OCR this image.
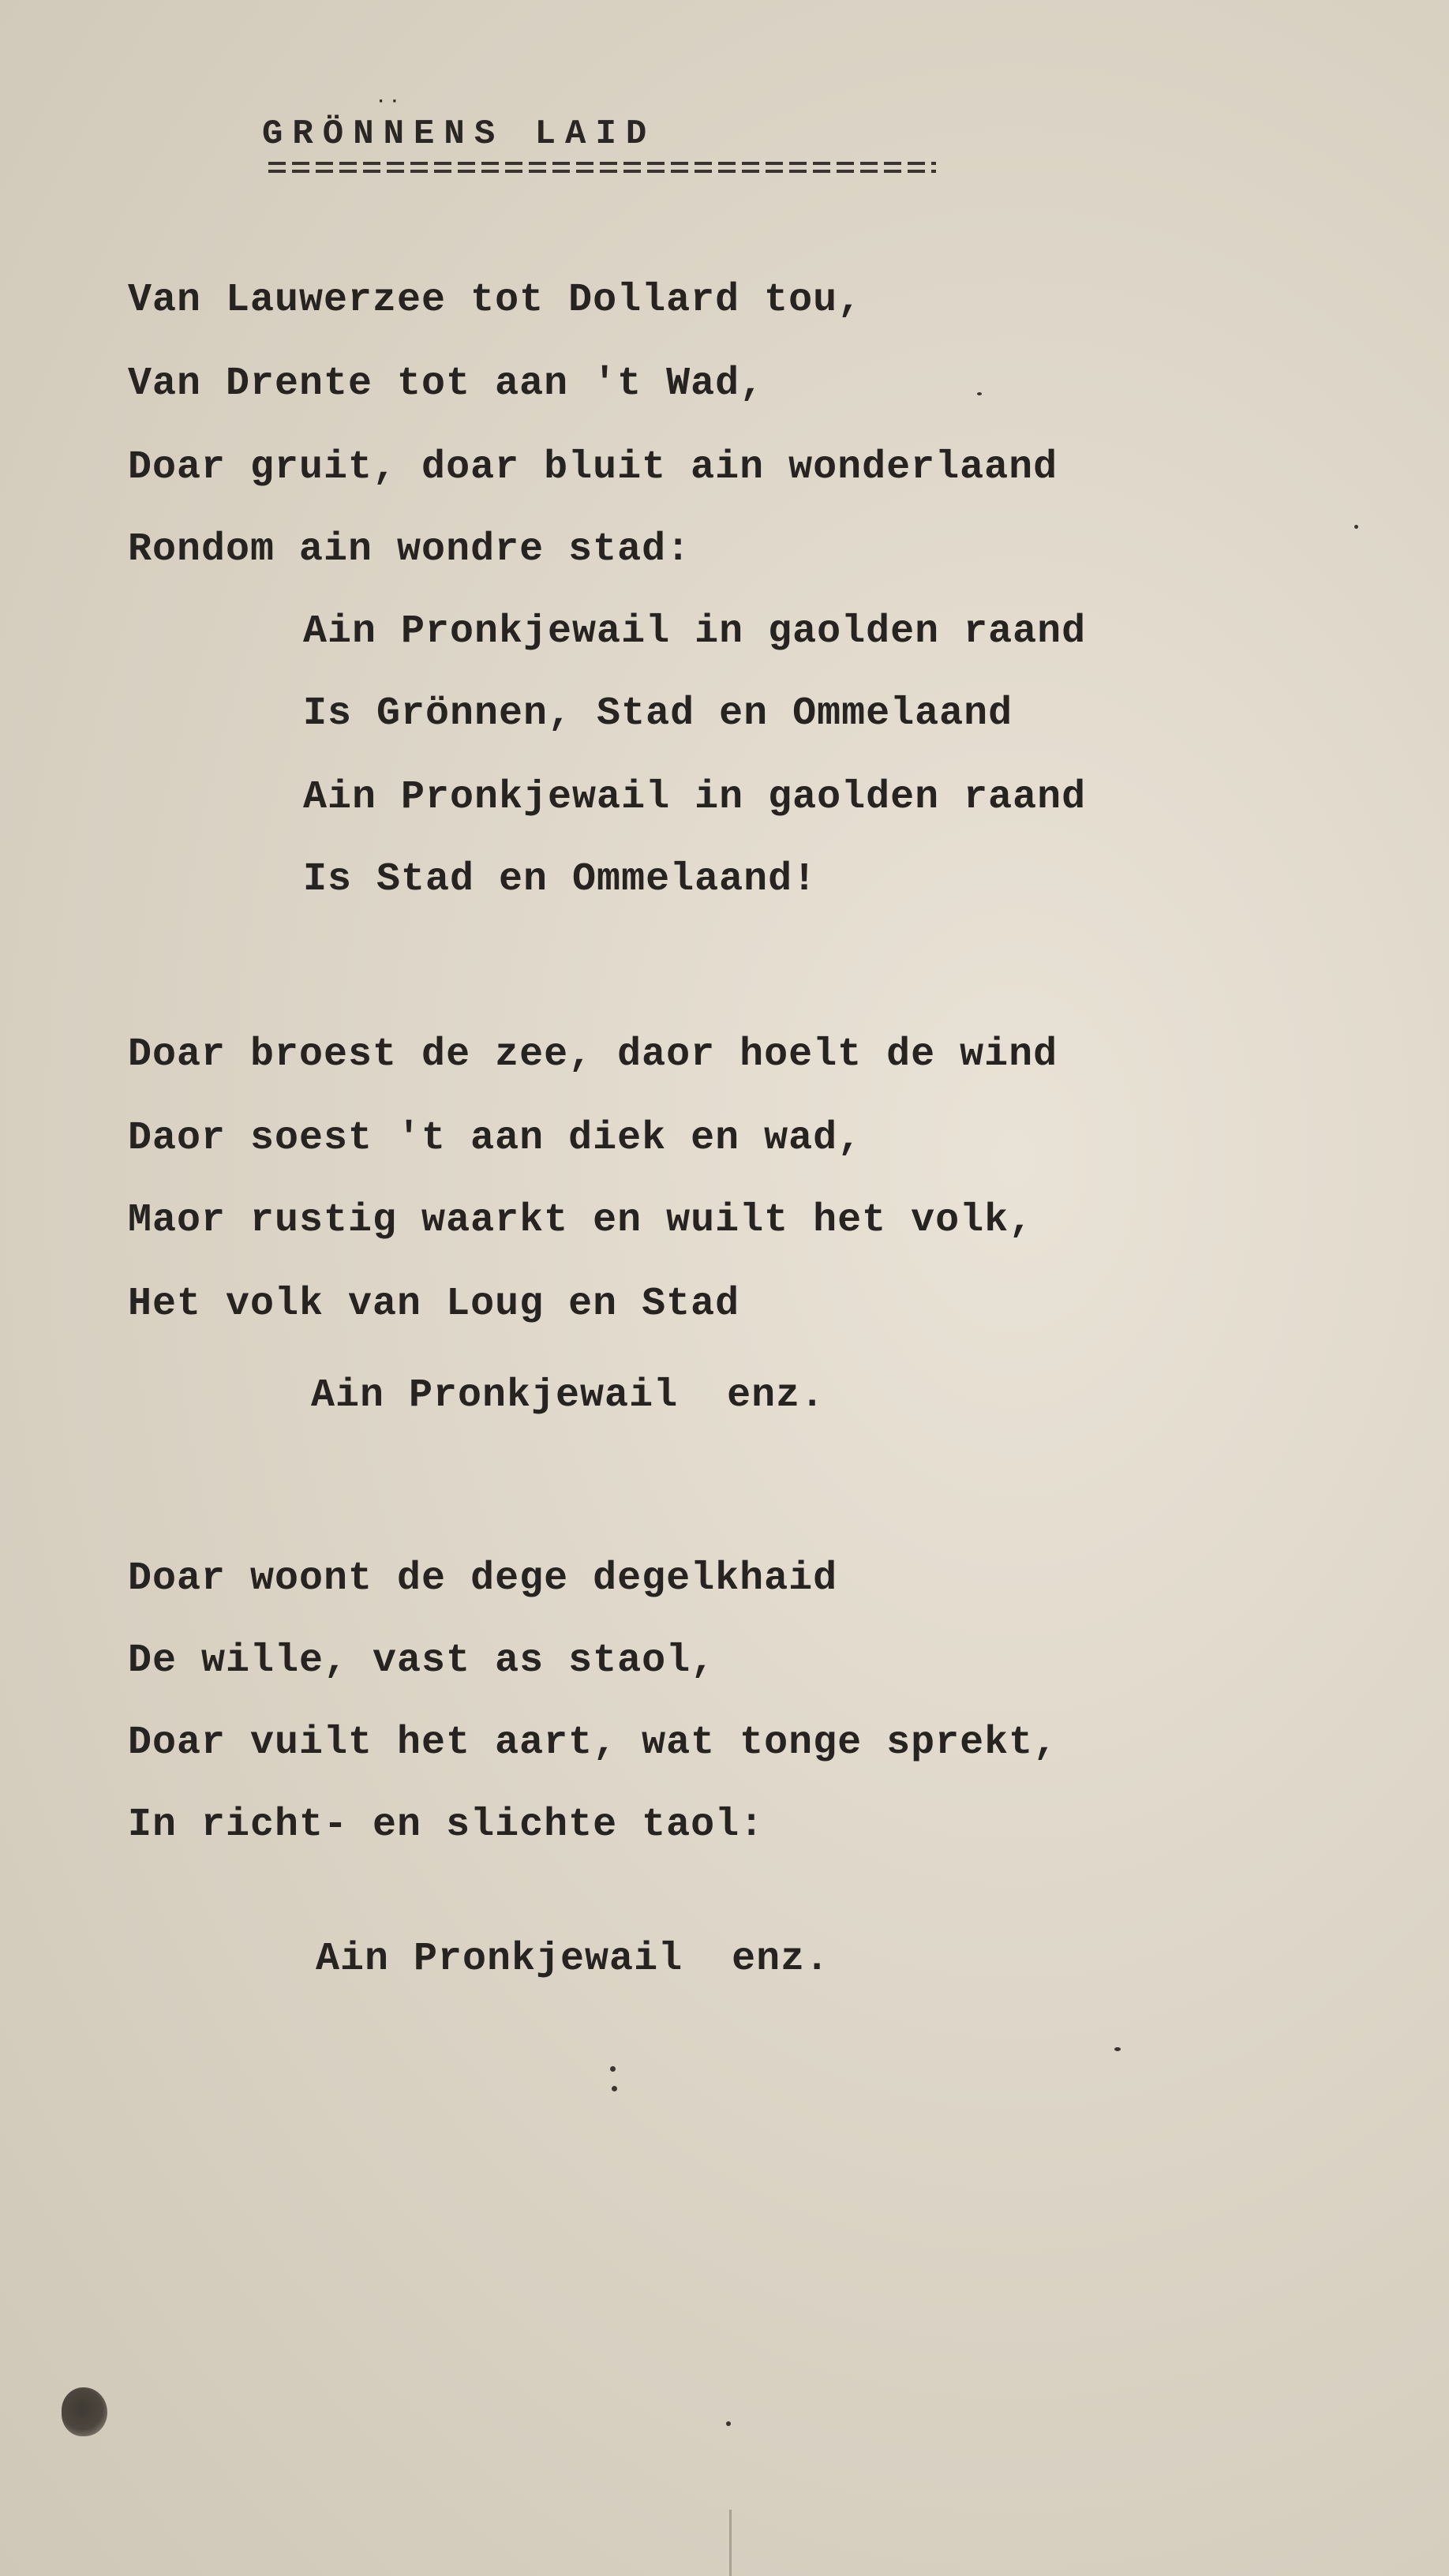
··
GRÖNNENS LAID
Van Lauwerzee tot Dollard tou,
Van Drente tot aan 't Wad,
Doar gruit, doar bluit ain wonderlaand
Rondom ain wondre stad:
Ain Pronkjewail in gaolden raand
Is Grönnen, Stad en Ommelaand
Ain Pronkjewail in gaolden raand
Is Stad en Ommelaand!
Doar broest de zee, daor hoelt de wind
Daor soest 't aan diek en wad,
Maor rustig waarkt en wuilt het volk,
Het volk van Loug en Stad
Ain Pronkjewail  enz.
Doar woont de dege degelkhaid
De wille, vast as staol,
Doar vuilt het aart, wat tonge sprekt,
In richt- en slichte taol:
Ain Pronkjewail  enz.
